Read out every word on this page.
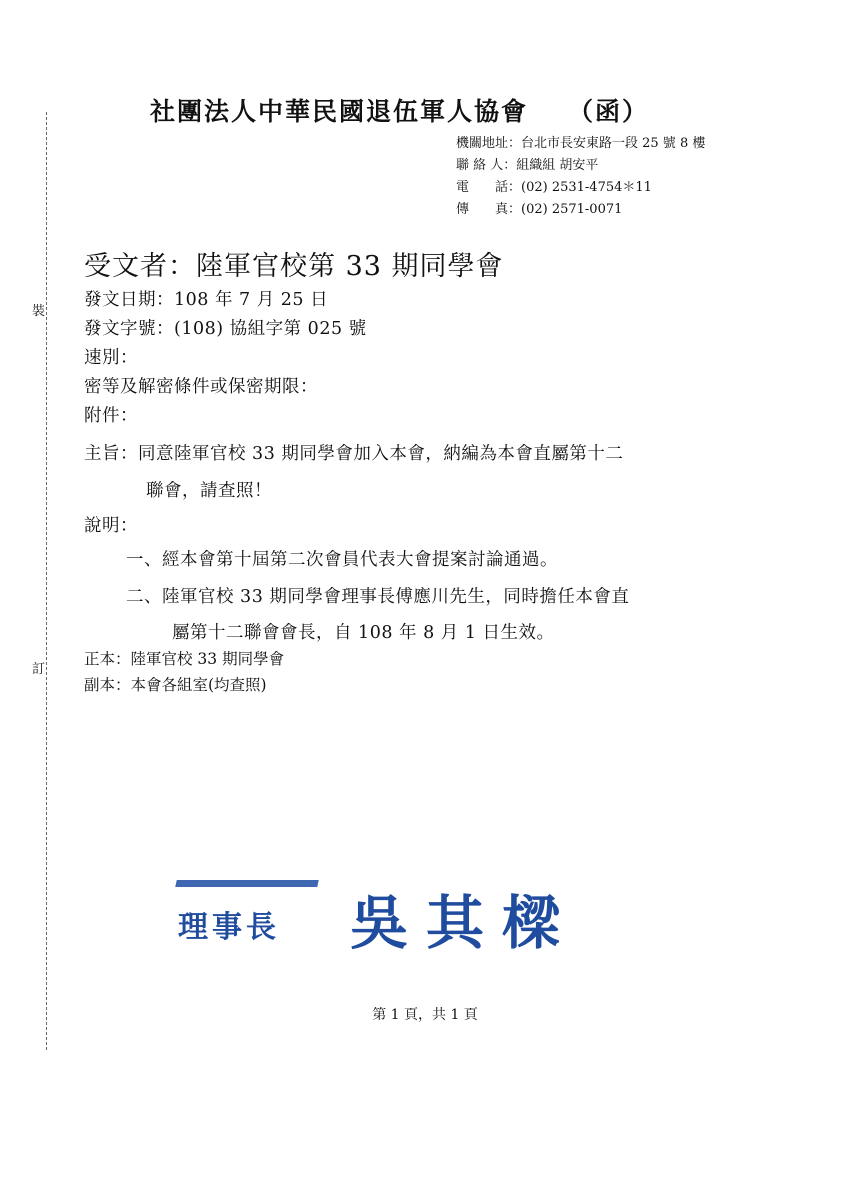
裝
訂
社團法人中華民國退伍軍人協會 （函）
機關地址：台北市長安東路一段 25 號 8 樓
聯 絡 人：組織組 胡安平
電　　話：(02) 2531-4754＊11
傳　　真：(02) 2571-0071
受文者：陸軍官校第 33 期同學會
發文日期：108 年 7 月 25 日
發文字號：(108) 協組字第 025 號
速別：
密等及解密條件或保密期限：
附件：
主旨：同意陸軍官校 33 期同學會加入本會，納編為本會直屬第十二
聯會，請查照！
說明：
一、經本會第十屆第二次會員代表大會提案討論通過。
二、陸軍官校 33 期同學會理事長傅應川先生，同時擔任本會直
屬第十二聯會會長，自 108 年 8 月 1 日生效。
正本：陸軍官校 33 期同學會
副本：本會各組室(均查照)
理事長 吳其樑
第 1 頁，共 1 頁
